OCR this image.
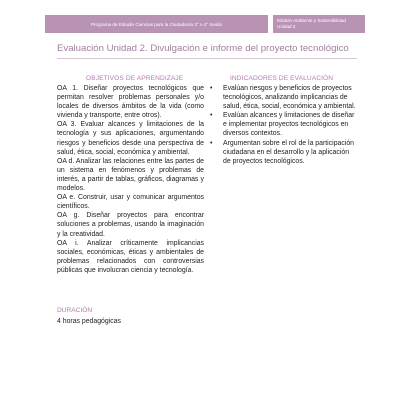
Programa de Estudio Ciencias para la Ciudadanía 3° o 4° medio
Módulo Ambiente y Sostenibilidad
Unidad 2
Evaluación Unidad 2. Divulgación e informe del proyecto tecnológico
OBJETIVOS DE APRENDIZAJE	INDICADORES DE EVALUACIÓN

OA 1. Diseñar proyectos tecnológicos que permitan resolver problemas personales y/o locales de diversos ámbitos de la vida (como vivienda y transporte, entre otros).

OA 3. Evaluar alcances y limitaciones de la tecnología y sus aplicaciones, argumentando riesgos y beneficios desde una perspectiva de salud, ética, social, económica y ambiental.

OA d. Analizar las relaciones entre las partes de un sistema en fenómenos y problemas de interés, a partir de tablas, gráficos, diagramas y modelos.

OA e. Construir, usar y comunicar argumentos científicos.

OA g. Diseñar proyectos para encontrar soluciones a problemas, usando la imaginación y la creatividad.

OA i. Analizar críticamente implicancias sociales, económicas, éticas y ambientales de problemas relacionados con controversias públicas que involucran ciencia y tecnología.

• Evalúan riesgos y beneficios de proyectos tecnológicos, analizando implicancias de salud, ética, social, económica y ambiental.
• Evalúan alcances y limitaciones de diseñar e implementar proyectos tecnológicos en diversos contextos.
• Argumentan sobre el rol de la participación ciudadana en el desarrollo y la aplicación de proyectos tecnológicos.
DURACIÓN
4 horas pedagógicas
